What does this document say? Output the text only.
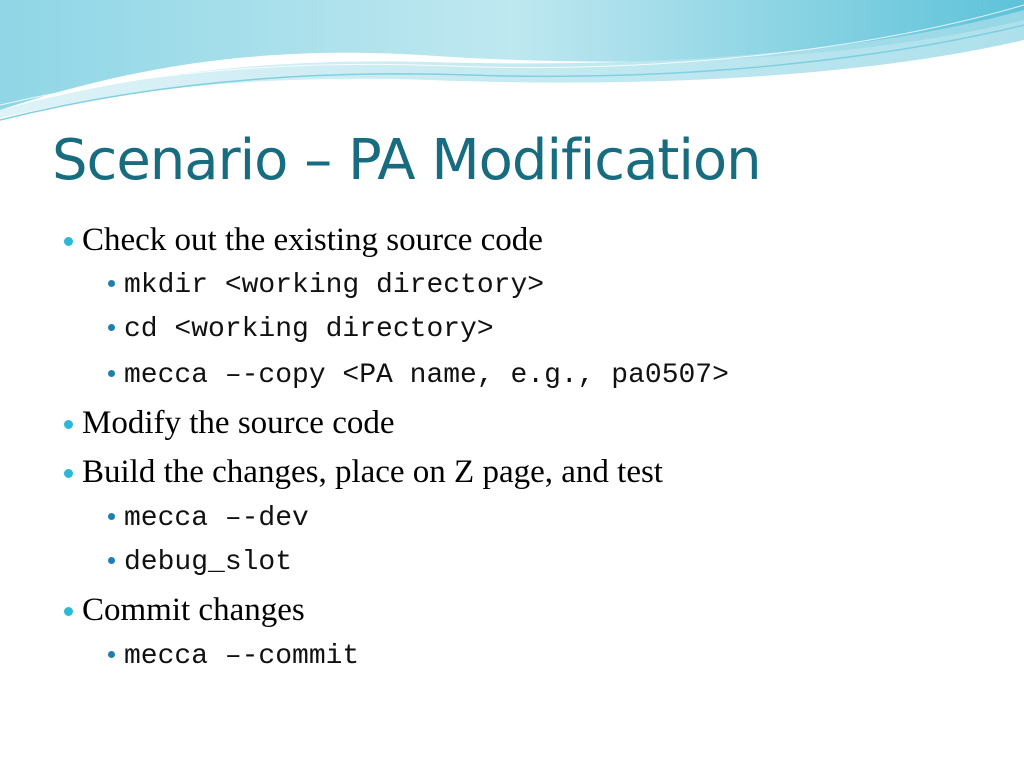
Scenario – PA Modification
Check out the existing source code
mkdir <working directory>
cd <working directory>
mecca –-copy <PA name, e.g., pa0507>
Modify the source code
Build the changes, place on Z page, and test
mecca –-dev
debug_slot
Commit changes
mecca –-commit
